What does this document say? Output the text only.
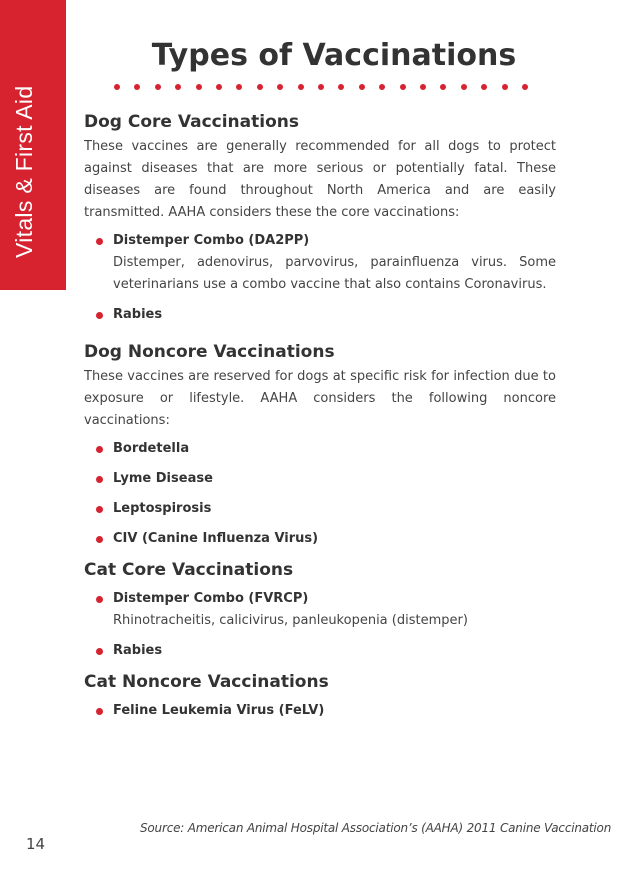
Vitals & First Aid
Types of Vaccinations
Dog Core Vaccinations

These vaccines are generally recommended for all dogs to protect against diseases that are more serious or potentially fatal. These diseases are found throughout North America and are easily transmitted. AAHA considers these the core vaccinations:

Distemper Combo (DA2PP)
Distemper, adenovirus, parvovirus, parainfluenza virus. Some veterinarians use a combo vaccine that also contains Coronavirus.
Rabies
Dog Noncore Vaccinations

These vaccines are reserved for dogs at specific risk for infection due to exposure or lifestyle. AAHA considers the following noncore vaccinations:

Bordetella
Lyme Disease
Leptospirosis
CIV (Canine Influenza Virus)
Cat Core Vaccinations
Distemper Combo (FVRCP)
Rhinotracheitis, calicivirus, panleukopenia (distemper)
Rabies
Cat Noncore Vaccinations
Feline Leukemia Virus (FeLV)
Source: American Animal Hospital Association’s (AAHA) 2011 Canine Vaccination
14
